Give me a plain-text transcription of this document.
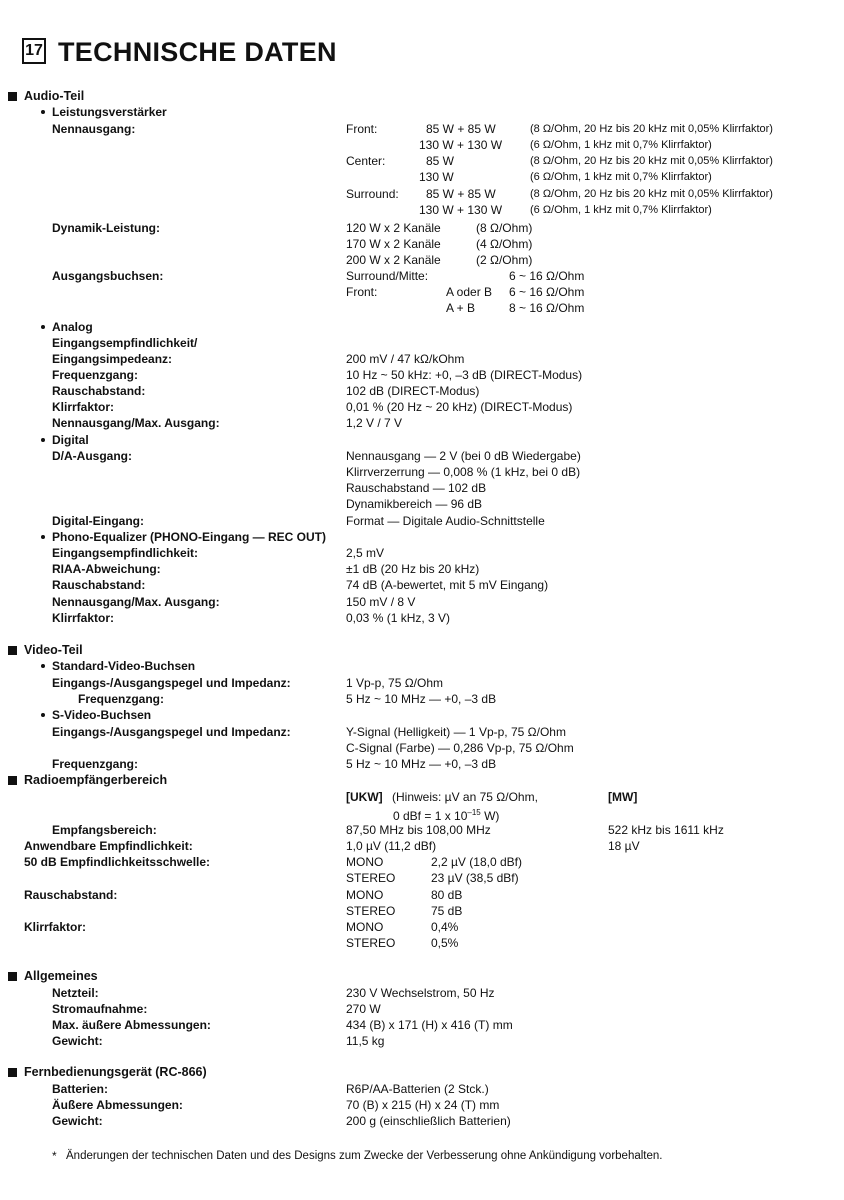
17 TECHNISCHE DATEN
Audio-Teil
Leistungsverstärker
Nennausgang:	Front:	85 W + 85 W	(8 Ω/Ohm, 20 Hz bis 20 kHz mit 0,05% Klirrfaktor)
130 W + 130 W	(6 Ω/Ohm, 1 kHz mit 0,7% Klirrfaktor)
Center:	85 W	(8 Ω/Ohm, 20 Hz bis 20 kHz mit 0,05% Klirrfaktor)
130 W	(6 Ω/Ohm, 1 kHz mit 0,7% Klirrfaktor)
Surround: 85 W + 85 W	(8 Ω/Ohm, 20 Hz bis 20 kHz mit 0,05% Klirrfaktor)
130 W + 130 W	(6 Ω/Ohm, 1 kHz mit 0,7% Klirrfaktor)
Dynamik-Leistung:	120 W x 2 Kanäle	(8 Ω/Ohm)
170 W x 2 Kanäle	(4 Ω/Ohm)
200 W x 2 Kanäle	(2 Ω/Ohm)
Ausgangsbuchsen:	Surround/Mitte:	6 ~ 16 Ω/Ohm
Front:	A oder B 6 ~ 16 Ω/Ohm
A + B	8 ~ 16 Ω/Ohm
Analog
Eingangsempfindlichkeit/
Eingangsimpedeanz:	200 mV / 47 kΩ/kOhm
Frequenzgang:	10 Hz ~ 50 kHz: +0, –3 dB (DIRECT-Modus)
Rauschabstand:	102 dB (DIRECT-Modus)
Klirrfaktor:	0,01 % (20 Hz ~ 20 kHz) (DIRECT-Modus)
Nennausgang/Max. Ausgang:	1,2 V / 7 V
Digital
D/A-Ausgang:	Nennausgang — 2 V (bei 0 dB Wiedergabe)
Klirrverzerrung — 0,008 % (1 kHz, bei 0 dB)
Rauschabstand — 102 dB
Dynamikbereich — 96 dB
Digital-Eingang:	Format — Digitale Audio-Schnittstelle
Phono-Equalizer (PHONO-Eingang — REC OUT)
Eingangsempfindlichkeit:	2,5 mV
RIAA-Abweichung:	±1 dB (20 Hz bis 20 kHz)
Rauschabstand:	74 dB (A-bewertet, mit 5 mV Eingang)
Nennausgang/Max. Ausgang:	150 mV / 8 V
Klirrfaktor:	0,03 % (1 kHz, 3 V)
Video-Teil
Standard-Video-Buchsen
Eingangs-/Ausgangspegel und Impedanz:	1 Vp-p, 75 Ω/Ohm
Frequenzgang:	5 Hz ~ 10 MHz — +0, –3 dB
S-Video-Buchsen
Eingangs-/Ausgangspegel und Impedanz:	Y-Signal (Helligkeit) — 1 Vp-p, 75 Ω/Ohm
C-Signal (Farbe) — 0,286 Vp-p, 75 Ω/Ohm
Frequenzgang:	5 Hz ~ 10 MHz — +0, –3 dB
Radioempfängerbereich
[UKW] (Hinweis: µV an 75 Ω/Ohm,	[MW]
0 dBf = 1 x $10^{-15}$ W)
Empfangsbereich:	87,50 MHz bis 108,00 MHz	522 kHz bis 1611 kHz
Anwendbare Empfindlichkeit:	1,0 µV (11,2 dBf)	18 µV
50 dB Empfindlichkeitsschwelle:	MONO	2,2 µV (18,0 dBf)
STEREO	23 µV (38,5 dBf)
Rauschabstand:	MONO	80 dB
STEREO	75 dB
Klirrfaktor:	MONO	0,4%
STEREO	0,5%
Allgemeines
Netzteil:	230 V Wechselstrom, 50 Hz
Stromaufnahme:	270 W
Max. äußere Abmessungen:	434 (B) x 171 (H) x 416 (T) mm
Gewicht:	11,5 kg
Fernbedienungsgerät (RC-866)
Batterien:	R6P/AA-Batterien (2 Stck.)
Äußere Abmessungen:	70 (B) x 215 (H) x 24 (T) mm
Gewicht:	200 g (einschließlich Batterien)
* Änderungen der technischen Daten und des Designs zum Zwecke der Verbesserung ohne Ankündigung vorbehalten.
